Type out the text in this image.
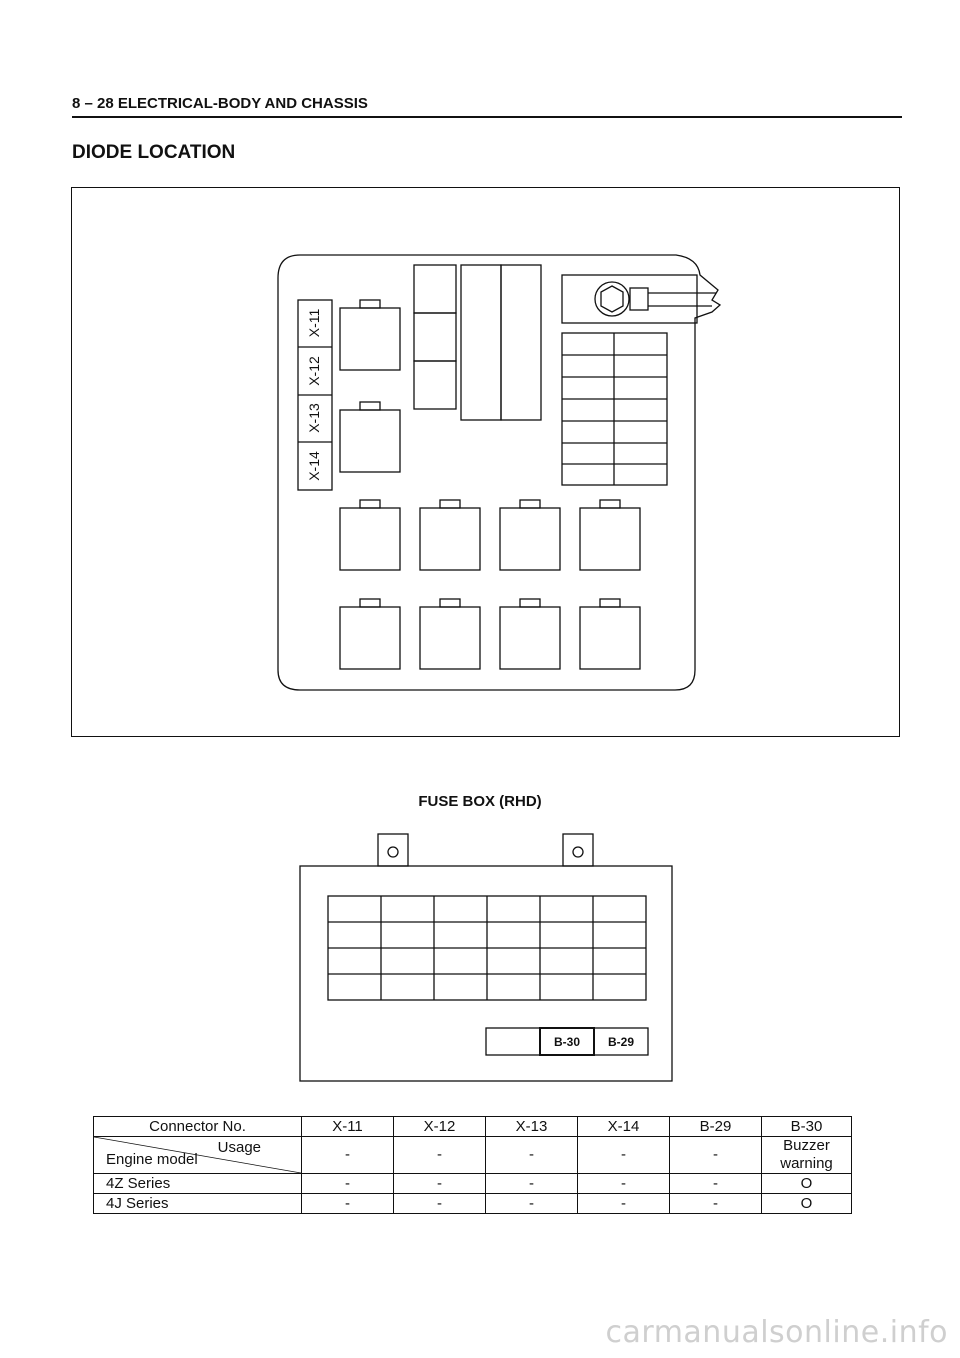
8 – 28 ELECTRICAL-BODY AND CHASSIS
DIODE LOCATION
X-11
X-12
X-13
X-14
B-30 B-29
FUSE BOX (RHD)
Connector No.	X-11	X-12	X-13	X-14	B-29	B-30

Usage
Engine model	-	-	-	-	-	Buzzer warning
4Z Series	-	-	-	-	-	O
4J Series	-	-	-	-	-	O
carmanualsonline.info
